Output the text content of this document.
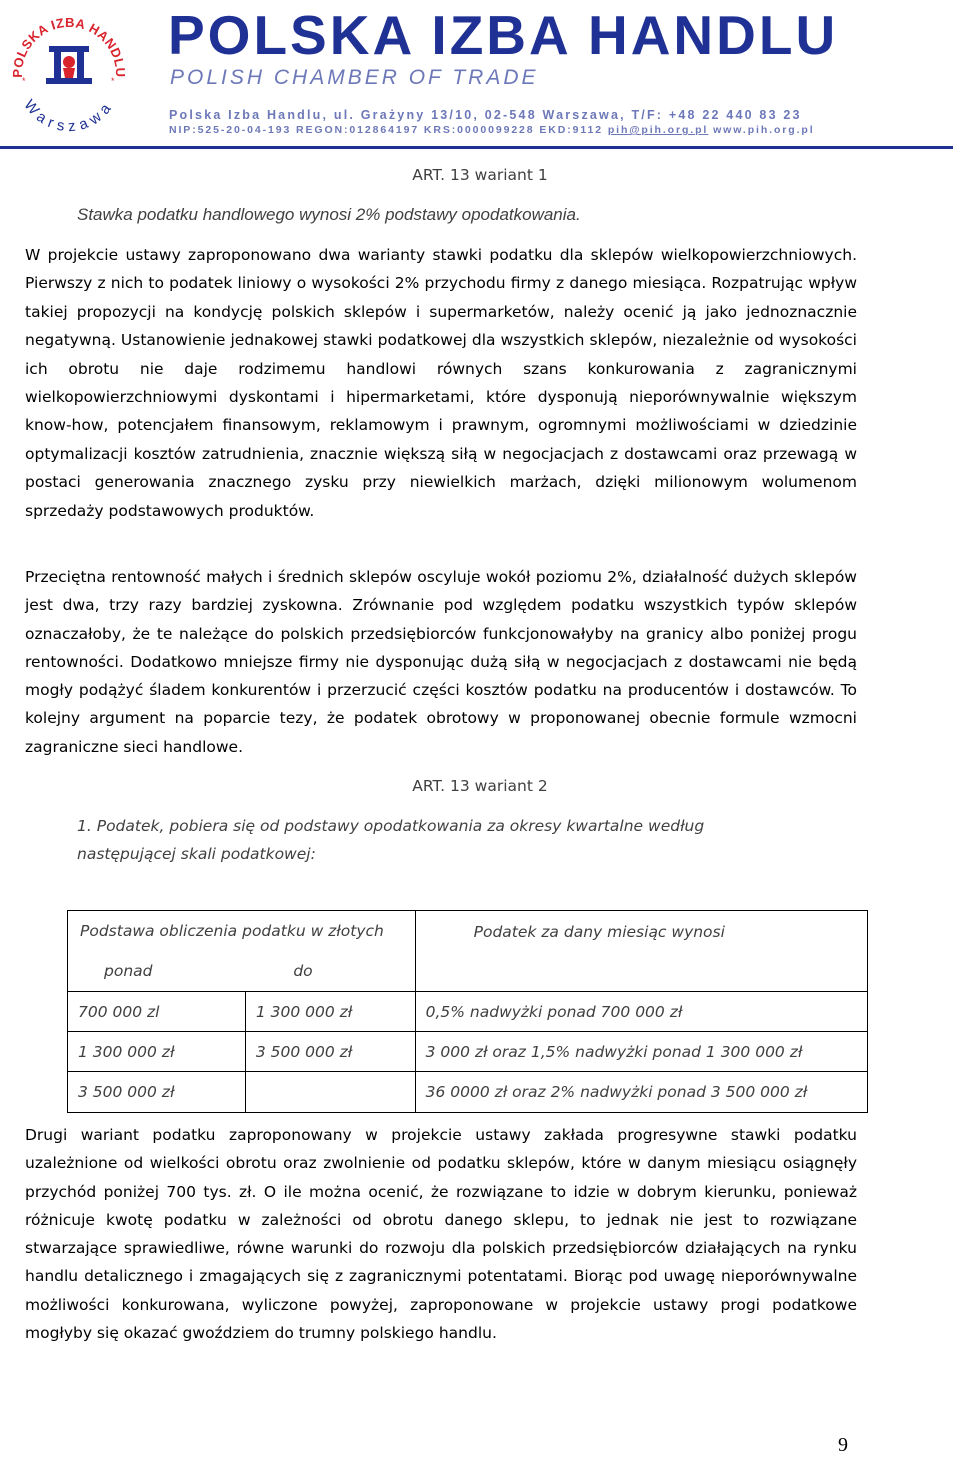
POLSKA IZBA HANDLU
Warszawa
*	*
POLSKA IZBA HANDLU
POLISH CHAMBER OF TRADE
Polska Izba Handlu, ul. Grażyny 13/10, 02-548 Warszawa, T/F: +48 22 440 83 23
NIP:525-20-04-193 REGON:012864197 KRS:0000099228 EKD:9112 pih@pih.org.pl www.pih.org.pl

ART. 13 wariant 1

Stawka podatku handlowego wynosi 2% podstawy opodatkowania.

W projekcie ustawy zaproponowano dwa warianty stawki podatku dla sklepów wielkopowierzchniowych. Pierwszy z nich to podatek liniowy o wysokości 2% przychodu firmy z danego miesiąca. Rozpatrując wpływ takiej propozycji na kondycję polskich sklepów i supermarketów, należy ocenić ją jako jednoznacznie negatywną. Ustanowienie jednakowej stawki podatkowej dla wszystkich sklepów, niezależnie od wysokości ich obrotu nie daje rodzimemu handlowi równych szans konkurowania z zagranicznymi wielkopowierzchniowymi dyskontami i hipermarketami, które dysponują nieporównywalnie większym know-how, potencjałem finansowym, reklamowym i prawnym, ogromnymi możliwościami w dziedzinie optymalizacji kosztów zatrudnienia, znacznie większą siłą w negocjacjach z dostawcami oraz przewagą w postaci generowania znacznego zysku przy niewielkich marżach, dzięki milionowym wolumenom sprzedaży podstawowych produktów.

Przeciętna rentowność małych i średnich sklepów oscyluje wokół poziomu 2%, działalność dużych sklepów jest dwa, trzy razy bardziej zyskowna. Zrównanie pod względem podatku wszystkich typów sklepów oznaczałoby, że te należące do polskich przedsiębiorców funkcjonowałyby na granicy albo poniżej progu rentowności. Dodatkowo mniejsze firmy nie dysponując dużą siłą w negocjacjach z dostawcami nie będą mogły podążyć śladem konkurentów i przerzucić części kosztów podatku na producentów i dostawców. To kolejny argument na poparcie tezy, że podatek obrotowy w proponowanej obecnie formule wzmocni zagraniczne sieci handlowe.

ART. 13 wariant 2

1. Podatek, pobiera się od podstawy opodatkowania za okresy kwartalne według

następującej skali podatkowej:

Podstawa obliczenia podatku w złotych		Podatek za dany miesiąc wynosi
ponad	do	
700 000 zl	1 300 000 zł	0,5% nadwyżki ponad 700 000 zł
1 300 000 zł	3 500 000 zł	3 000 zł oraz 1,5% nadwyżki ponad 1 300 000 zł
3 500 000 zł		36 0000 zł oraz 2% nadwyżki ponad 3 500 000 zł

Drugi wariant podatku zaproponowany w projekcie ustawy zakłada progresywne stawki podatku uzależnione od wielkości obrotu oraz zwolnienie od podatku sklepów, które w danym miesiącu osiągnęły przychód poniżej 700 tys. zł. O ile można ocenić, że rozwiązane to idzie w dobrym kierunku, ponieważ różnicuje kwotę podatku w zależności od obrotu danego sklepu, to jednak nie jest to rozwiązane stwarzające sprawiedliwe, równe warunki do rozwoju dla polskich przedsiębiorców działających na rynku handlu detalicznego i zmagających się z zagranicznymi potentatami. Biorąc pod uwagę nieporównywalne możliwości konkurowana, wyliczone powyżej, zaproponowane w projekcie ustawy progi podatkowe mogłyby się okazać gwoździem do trumny polskiego handlu.

9
